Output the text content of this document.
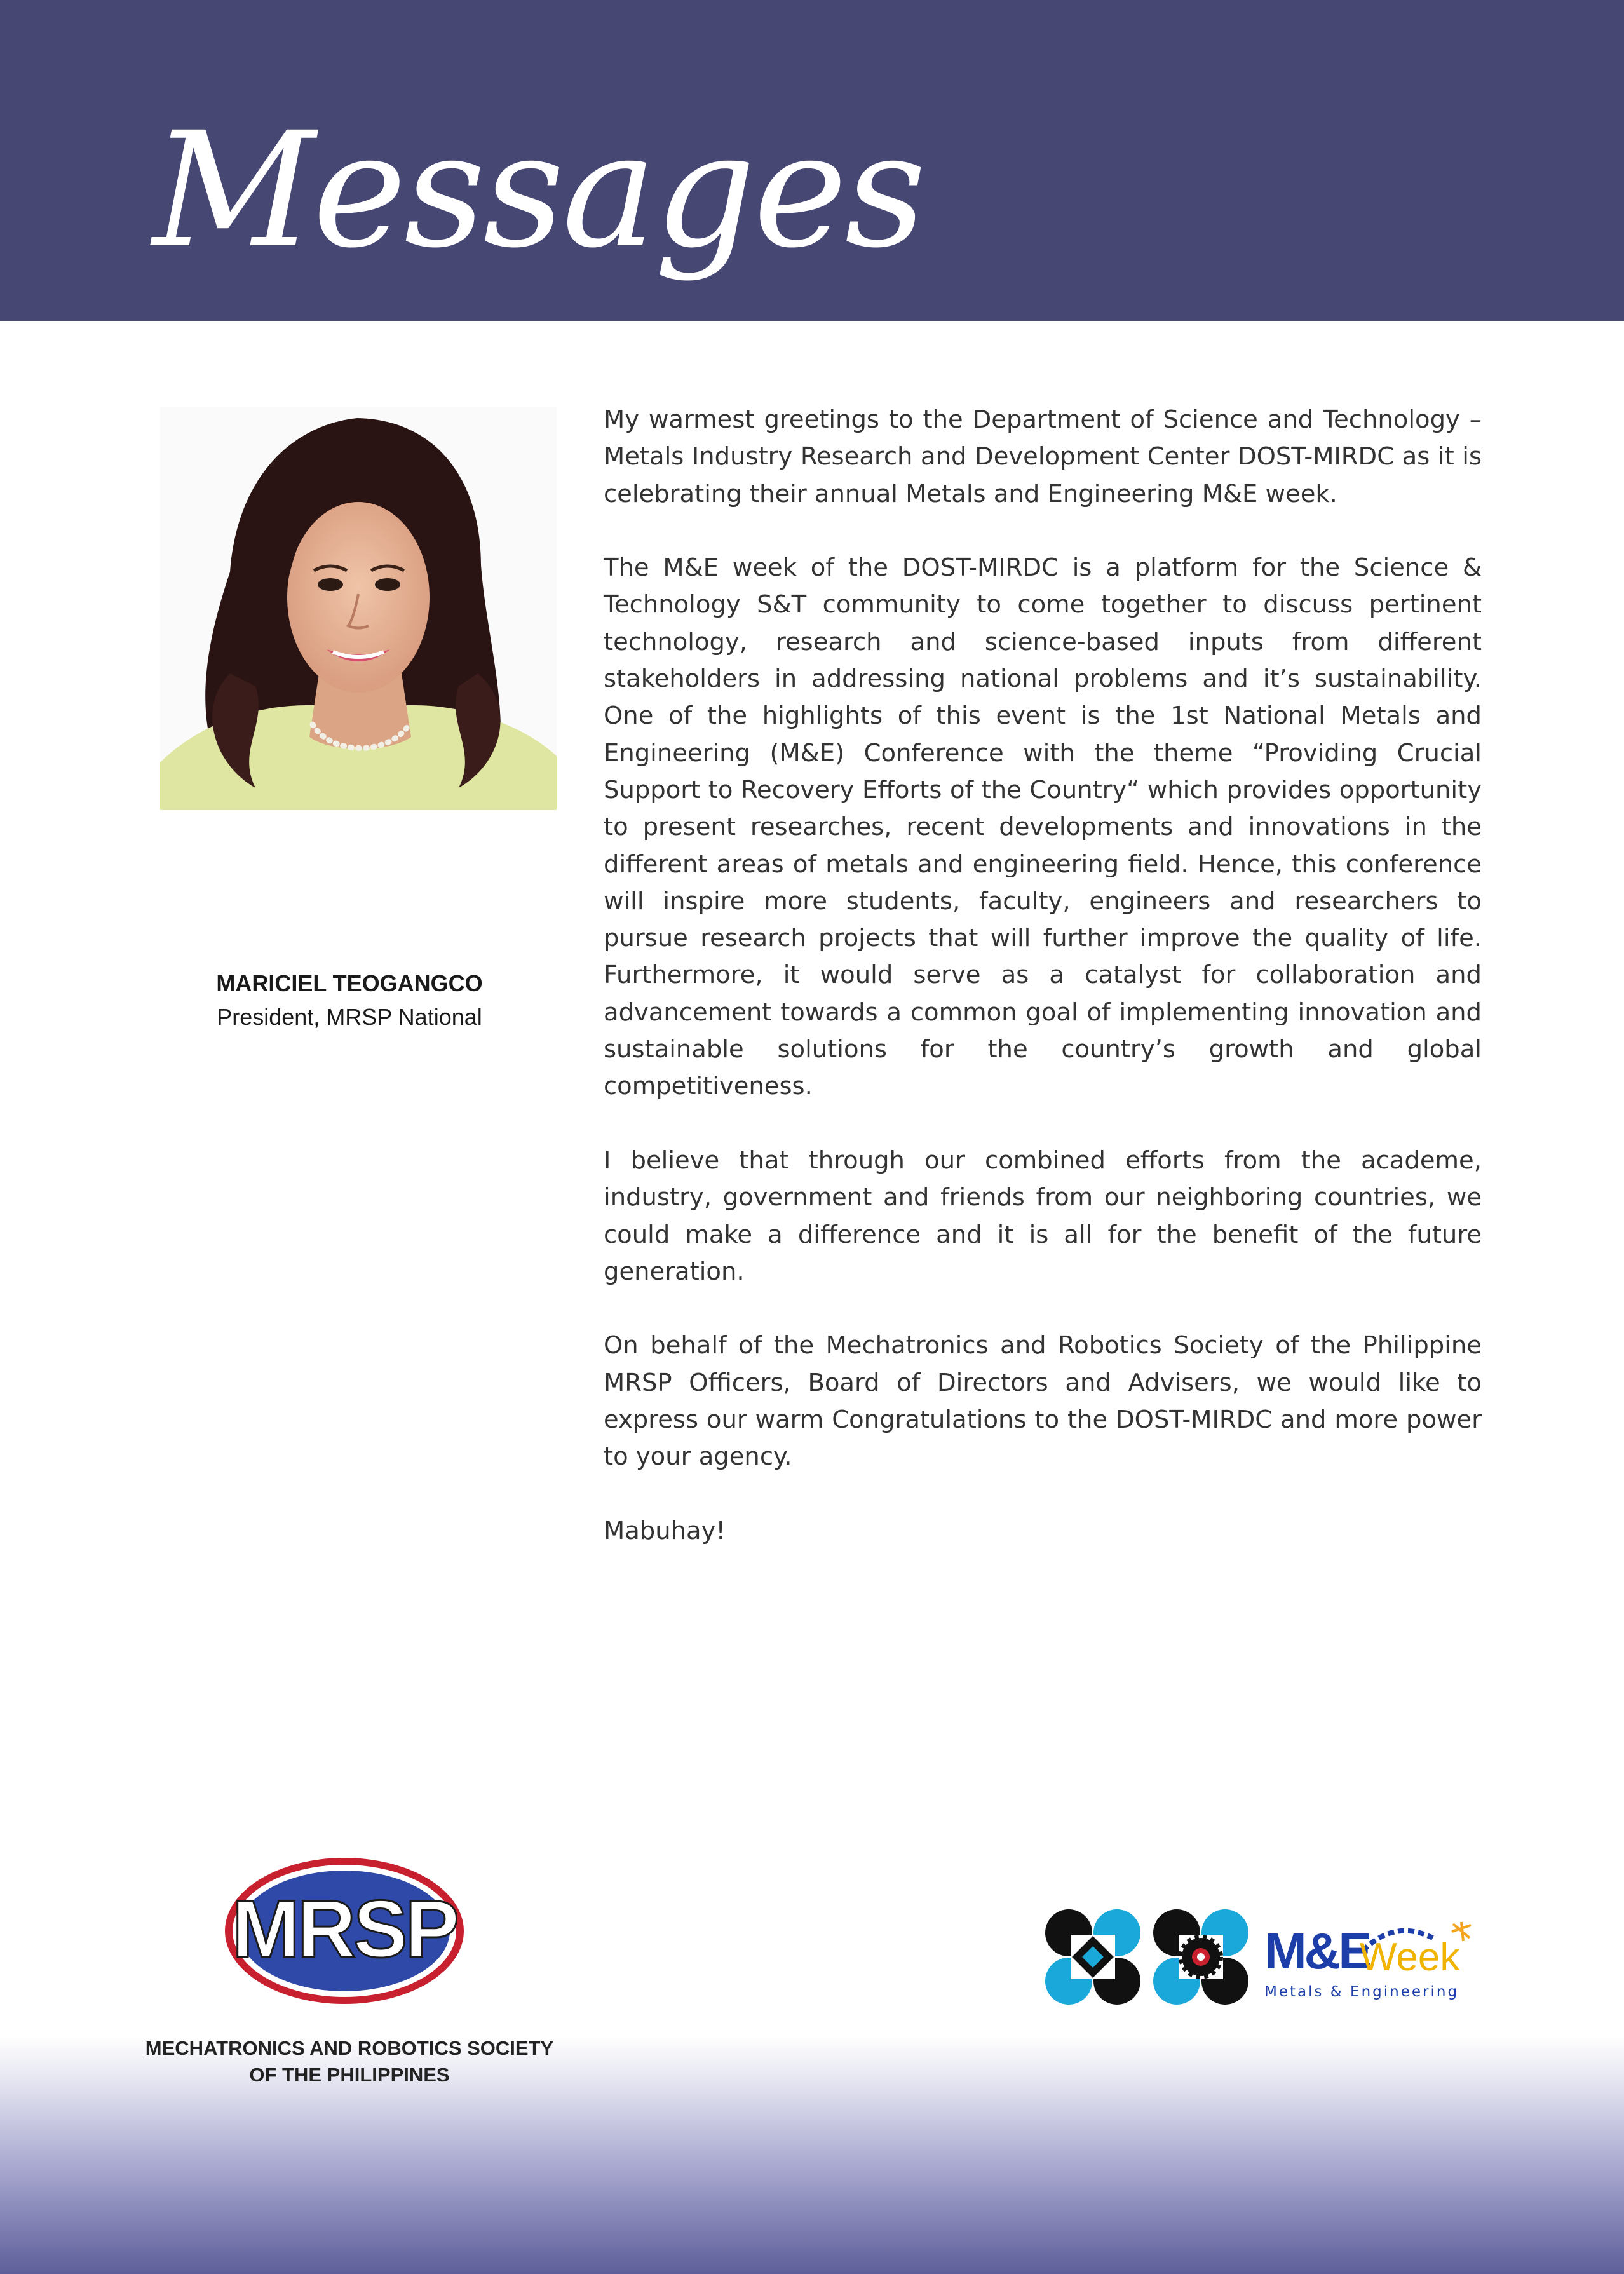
Messages
MARICIEL TEOGANGCO
President, MRSP National

My warmest greetings to the Department of Science and Technology – Metals Industry Research and Development Center DOST-MIRDC as it is celebrating their annual Metals and Engineering M&E week.

The M&E week of the DOST-MIRDC is a platform for the Science & Technology S&T community to come together to discuss pertinent technology, research and science-based inputs from different stakeholders in addressing national problems and it’s sustainability. One of the highlights of this event is the 1st National Metals and Engineering (M&E) Conference with the theme “Providing Crucial Support to Recovery Efforts of the Country“ which provides opportunity to present researches, recent developments and innovations in the different areas of metals and engineering field. Hence, this conference will inspire more students, faculty, engineers and researchers to pursue research projects that will further improve the quality of life. Furthermore, it would serve as a catalyst for collaboration and advancement towards a common goal of implementing innovation and sustainable solutions for the country’s growth and global competitiveness.

I believe that through our combined efforts from the academe, industry, government and friends from our neighboring countries, we could make a difference and it is all for the benefit of the future generation.

On behalf of the Mechatronics and Robotics Society of the Philippine MRSP Officers, Board of Directors and Advisers, we would like to express our warm Congratulations to the DOST-MIRDC and more power to your agency.

Mabuhay!

MRSP
MECHATRONICS AND ROBOTICS SOCIETY
OF THE PHILIPPINES
M&E
Week
Metals & Engineering
